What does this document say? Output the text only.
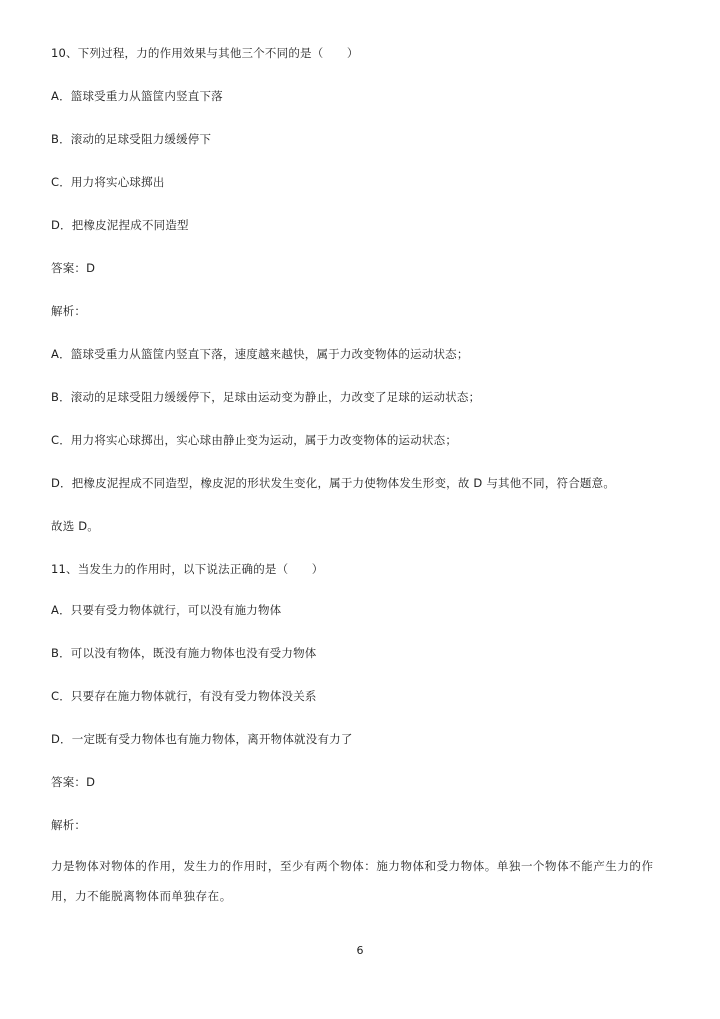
10、下列过程，力的作用效果与其他三个不同的是（　　）
A．篮球受重力从篮筐内竖直下落
B．滚动的足球受阻力缓缓停下
C．用力将实心球掷出
D．把橡皮泥捏成不同造型
答案：D
解析：
A．篮球受重力从篮筐内竖直下落，速度越来越快，属于力改变物体的运动状态；
B．滚动的足球受阻力缓缓停下，足球由运动变为静止，力改变了足球的运动状态；
C．用力将实心球掷出，实心球由静止变为运动，属于力改变物体的运动状态；
D．把橡皮泥捏成不同造型，橡皮泥的形状发生变化，属于力使物体发生形变，故 D 与其他不同，符合题意。
故选 D。
11、当发生力的作用时，以下说法正确的是（　　）
A．只要有受力物体就行，可以没有施力物体
B．可以没有物体，既没有施力物体也没有受力物体
C．只要存在施力物体就行，有没有受力物体没关系
D．一定既有受力物体也有施力物体，离开物体就没有力了
答案：D
解析：
力是物体对物体的作用，发生力的作用时，至少有两个物体：施力物体和受力物体。单独一个物体不能产生力的作用，力不能脱离物体而单独存在。
6
